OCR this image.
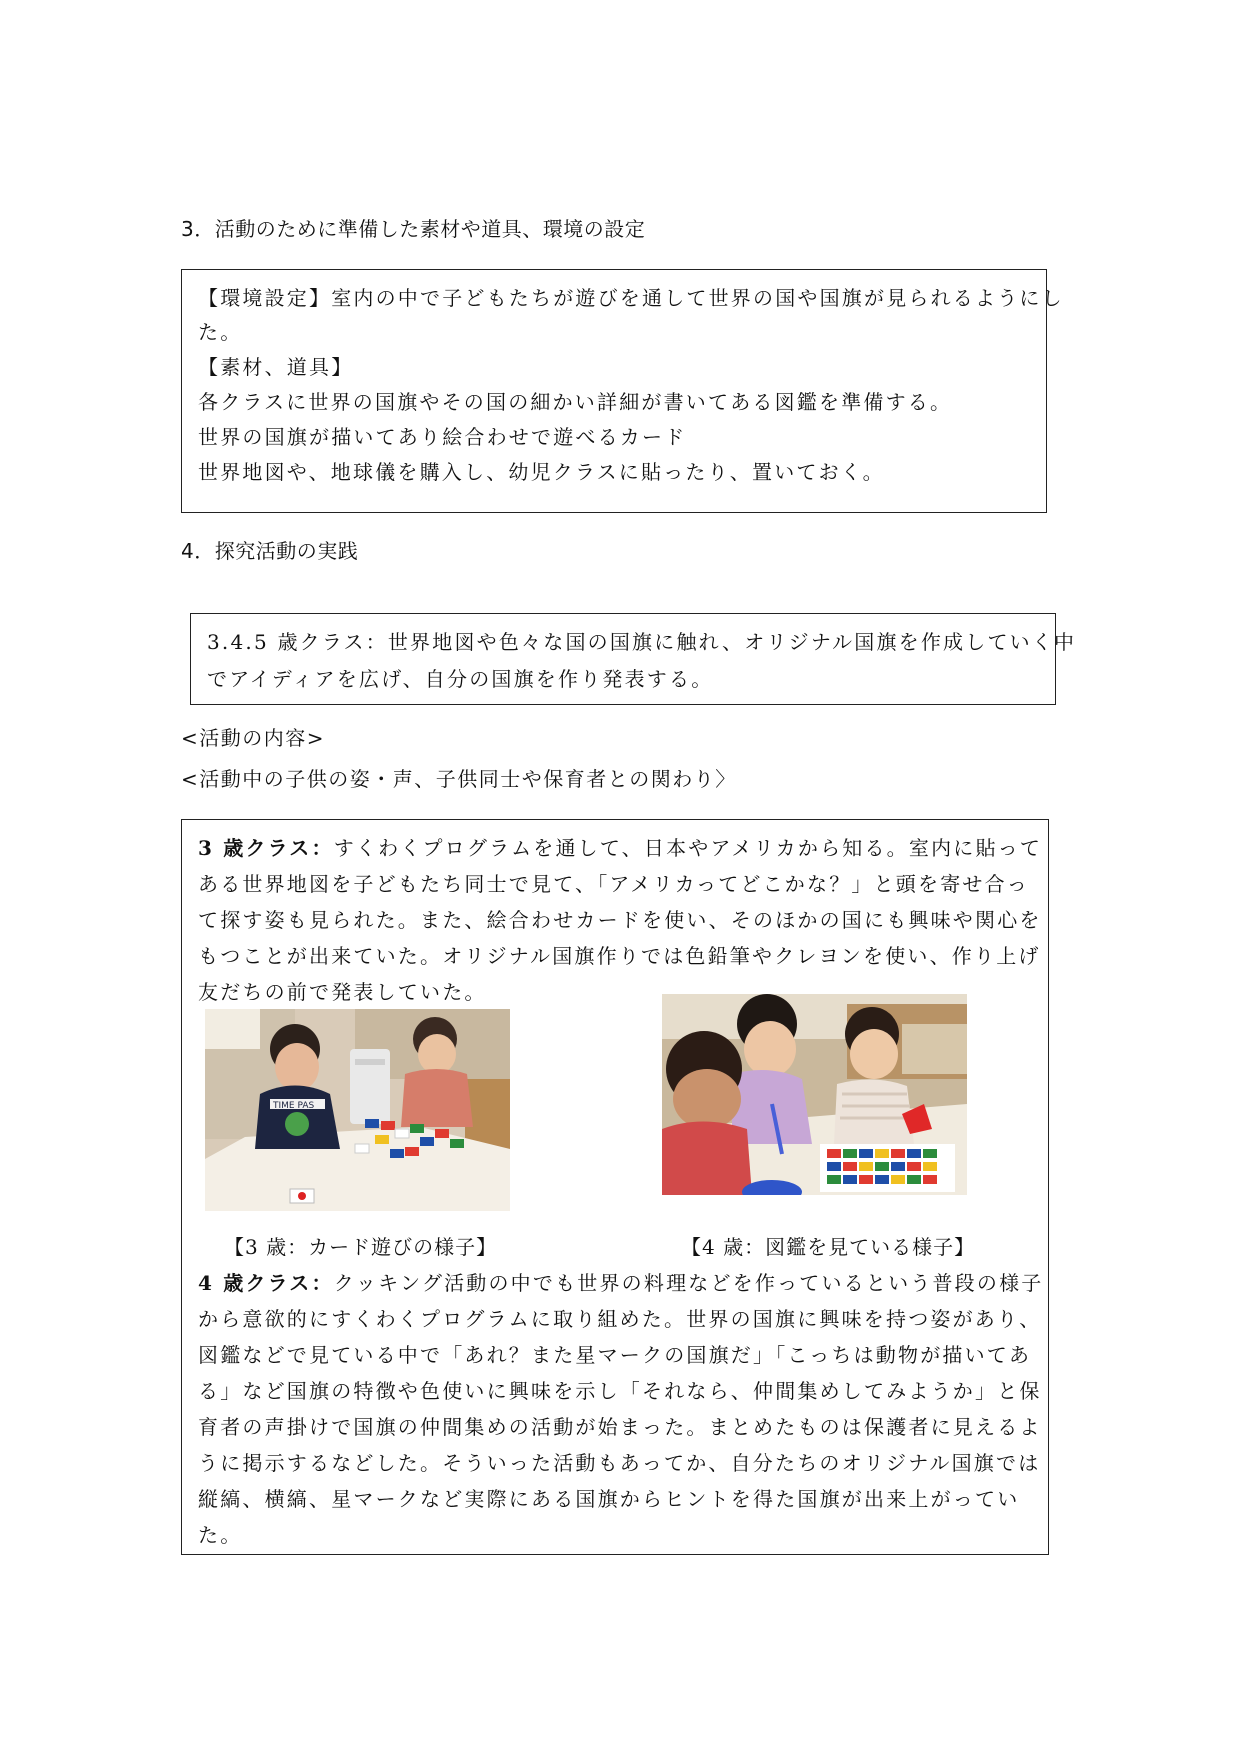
3．活動のために準備した素材や道具、環境の設定
【環境設定】室内の中で子どもたちが遊びを通して世界の国や国旗が見られるようにし
た。
【素材、道具】
各クラスに世界の国旗やその国の細かい詳細が書いてある図鑑を準備する。
世界の国旗が描いてあり絵合わせで遊べるカード
世界地図や、地球儀を購入し、幼児クラスに貼ったり、置いておく。
4．探究活動の実践
3.4.5 歳クラス：世界地図や色々な国の国旗に触れ、オリジナル国旗を作成していく中
でアイディアを広げ、自分の国旗を作り発表する。
<活動の内容>
<活動中の子供の姿・声、子供同士や保育者との関わり〉
3 歳クラス：すくわくプログラムを通して、日本やアメリカから知る。室内に貼って
ある世界地図を子どもたち同士で見て、「アメリカってどこかな？」と頭を寄せ合っ
て探す姿も見られた。また、絵合わせカードを使い、そのほかの国にも興味や関心を
もつことが出来ていた。オリジナル国旗作りでは色鉛筆やクレヨンを使い、作り上げ
友だちの前で発表していた。
TIME PAS
【3 歳：カード遊びの様子】	【4 歳：図鑑を見ている様子】
4 歳クラス：クッキング活動の中でも世界の料理などを作っているという普段の様子
から意欲的にすくわくプログラムに取り組めた。世界の国旗に興味を持つ姿があり、
図鑑などで見ている中で「あれ？また星マークの国旗だ」「こっちは動物が描いてあ
る」など国旗の特徴や色使いに興味を示し「それなら、仲間集めしてみようか」と保
育者の声掛けで国旗の仲間集めの活動が始まった。まとめたものは保護者に見えるよ
うに掲示するなどした。そういった活動もあってか、自分たちのオリジナル国旗では
縦縞、横縞、星マークなど実際にある国旗からヒントを得た国旗が出来上がってい
た。
